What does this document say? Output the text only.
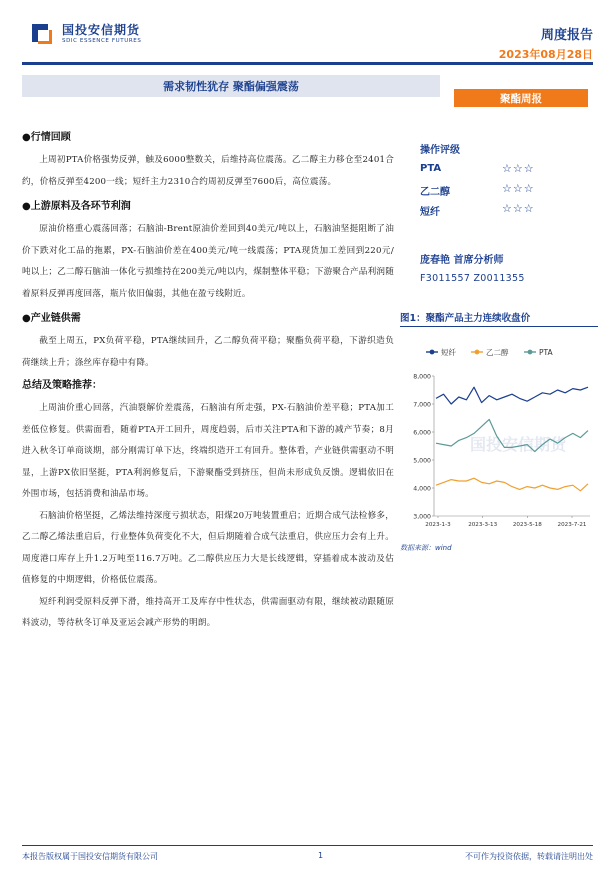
国投安信期货
SDIC ESSENCE FUTURES	周度报告
2023年08月28日
需求韧性犹存 聚酯偏强震荡
聚酯周报
●行情回顾

上周初PTA价格强势反弹，触及6000整数关，后维持高位震荡。乙二醇主力移仓至2401合约，价格反弹至4200一线；短纤主力2310合约周初反弹至7600后，高位震荡。

●上游原料及各环节利润

原油价格重心震荡回落；石脑油-Brent原油价差回到40美元/吨以上，石脑油坚挺阻断了油价下跌对化工品的拖累，PX-石脑油价差在400美元/吨一线震荡；PTA现货加工差回到220元/吨以上；乙二醇石脑油一体化亏损维持在200美元/吨以内，煤制整体平稳；下游聚合产品利润随着原料反弹再度回落，瓶片依旧偏弱，其他在盈亏线附近。

●产业链供需

截至上周五，PX负荷平稳，PTA继续回升，乙二醇负荷平稳；聚酯负荷平稳，下游织造负荷继续上升；涤丝库存稳中有降。

总结及策略推荐：

上周油价重心回落，汽油裂解价差震荡，石脑油有所走强，PX-石脑油价差平稳；PTA加工差低位修复。供需面看，随着PTA开工回升，周度趋弱，后市关注PTA和下游的减产节奏；8月进入秋冬订单商谈期，部分刚需订单下达，终端织造开工有回升。整体看，产业链供需驱动不明显，上游PX依旧坚挺，PTA利润修复后，下游聚酯受到挤压，但尚未形成负反馈。逻辑依旧在外围市场，包括消费和油品市场。

石脑油价格坚挺，乙烯法维持深度亏损状态，阳煤20万吨装置重启；近期合成气法检修多，乙二醇乙烯法重启后，行业整体负荷变化不大，但后期随着合成气法重启，供应压力会有上升。周度港口库存上升1.2万吨至116.7万吨。乙二醇供应压力大是长线逻辑，穿插着成本波动及估值修复的中期逻辑，价格低位震荡。

短纤利润受原料反弹下滑，维持高开工及库存中性状态，供需面驱动有限，继续被动跟随原料波动，等待秋冬订单及亚运会减产形势的明朗。

操作评级
PTA	☆☆☆
乙二醇	☆☆☆
短纤	☆☆☆
庞春艳 首席分析师
F3011557 Z0011355
图1：聚酯产品主力连续收盘价
国投安信期货
3,000
4,000
5,000
6,000
7,000
8,000
2023-1-3	2023-3-13	2023-5-18	2023-7-21
短纤	乙二醇	PTA
数据来源：wind
本报告版权属于国投安信期货有限公司	1	不可作为投资依据，转载请注明出处
